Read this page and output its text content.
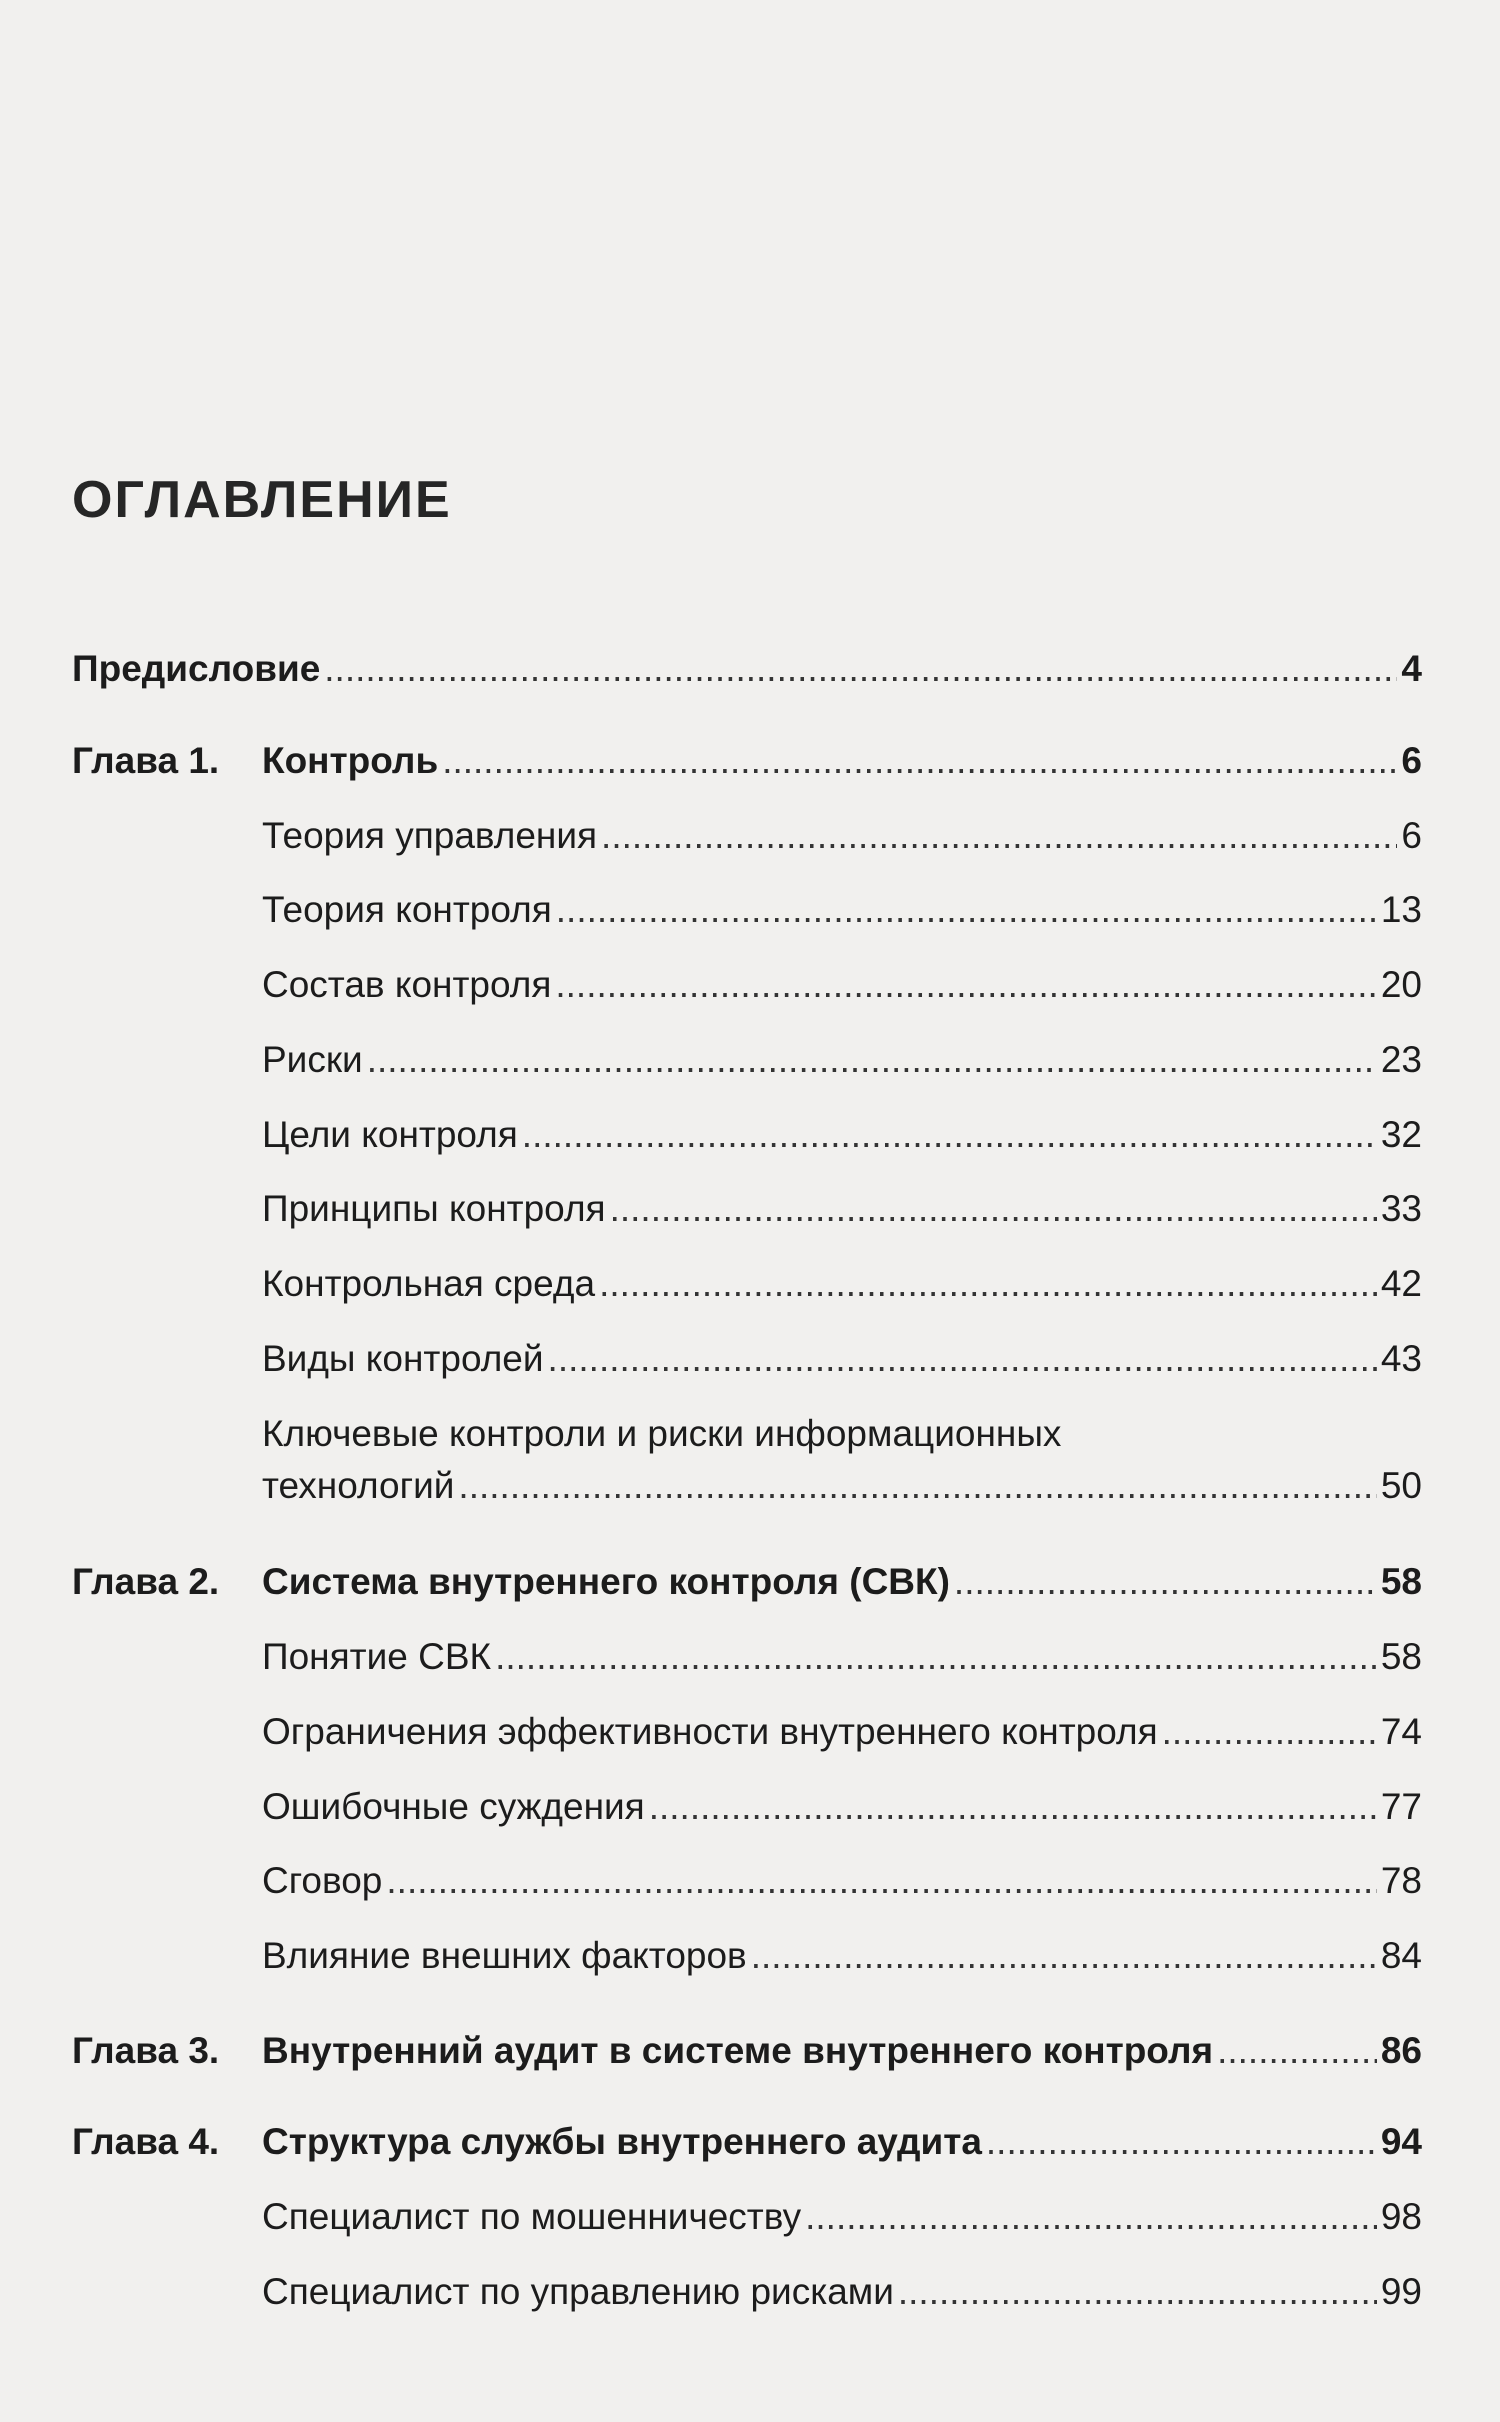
ОГЛАВЛЕНИЕ
Предисловие .....	4
Глава 1. Контроль .....	6
Теория управления .....	6
Теория контроля .....	13
Состав контроля .....	20
Риски .....	23
Цели контроля .....	32
Принципы контроля .....	33
Контрольная среда .....	42
Виды контролей .....	43
Ключевые контроли и риски информационных
технологий .....	50
Глава 2. Система внутреннего контроля (СВК) .....	58
Понятие СВК .....	58
Ограничения эффективности внутреннего контроля .....	74
Ошибочные суждения .....	77
Сговор .....	78
Влияние внешних факторов .....	84
Глава 3. Внутренний аудит в системе внутреннего контроля .....	86
Глава 4. Структура службы внутреннего аудита .....	94
Специалист по мошенничеству .....	98
Специалист по управлению рисками .....	99
